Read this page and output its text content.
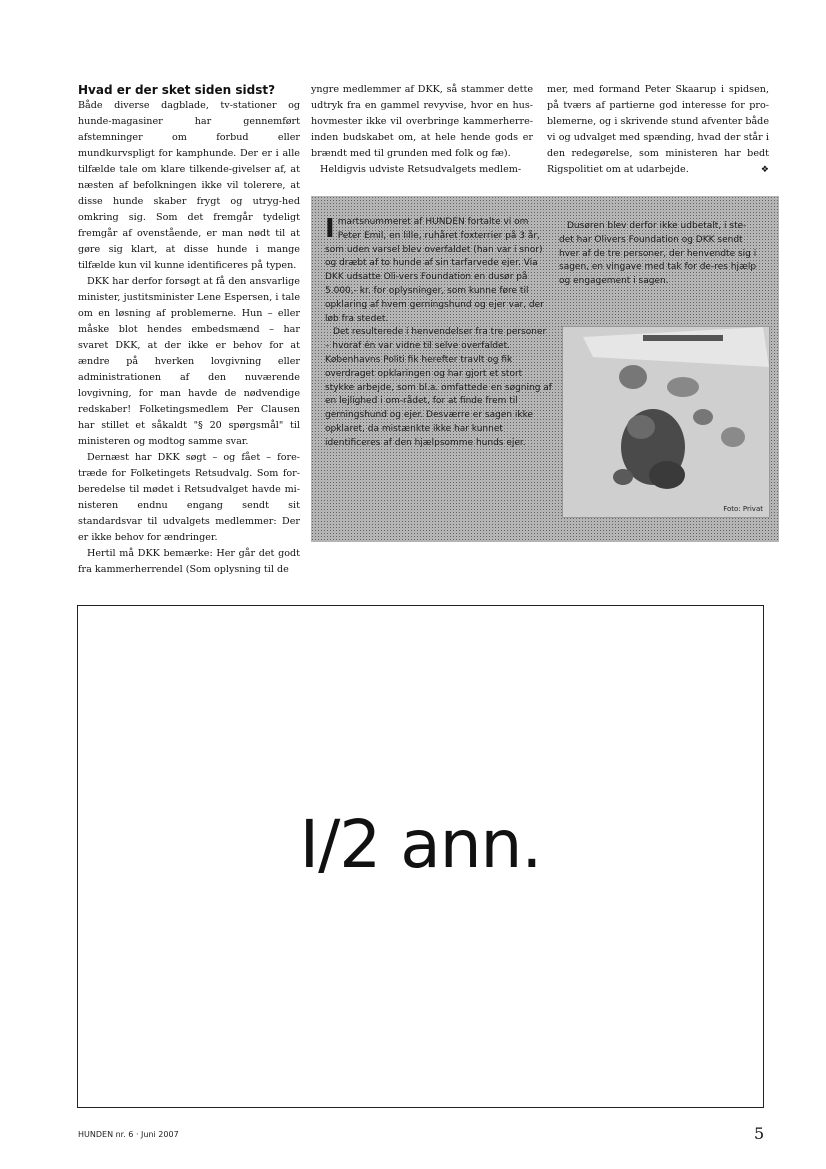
Hvad er der sket siden sidst?

Både diverse dagblade, tv-stationer og hunde-magasiner har gennemført afstemninger om forbud eller mundkurvspligt for kamphunde. Der er i alle tilfælde tale om klare tilkende-givelser af, at næsten af befolkningen ikke vil tolerere, at disse hunde skaber frygt og utryg-hed omkring sig. Som det fremgår tydeligt fremgår af ovenstående, er man nødt til at gøre sig klart, at disse hunde i mange tilfælde kun vil kunne identificeres på typen.

DKK har derfor forsøgt at få den ansvarlige minister, justitsminister Lene Espersen, i tale om en løsning af problemerne. Hun – eller måske blot hendes embedsmænd – har svaret DKK, at der ikke er behov for at ændre på hverken lovgivning eller administrationen af den nuværende lovgivning, for man havde de nødvendige redskaber! Folketingsmedlem Per Clausen har stillet et såkaldt "§ 20 spørgsmål" til ministeren og modtog samme svar.

Dernæst har DKK søgt – og fået – fore-træde for Folketingets Retsudvalg. Som for-beredelse til mødet i Retsudvalget havde mi-nisteren endnu engang sendt sit standardsvar til udvalgets medlemmer: Der er ikke behov for ændringer.

Hertil må DKK bemærke: Her går det godt fra kammerherrendel (Som oplysning til de

yngre medlemmer af DKK, så stammer dette udtryk fra en gammel revyvise, hvor en hus-hovmester ikke vil overbringe kammerherre-inden budskabet om, at hele hende gods er brændt med til grunden med folk og fæ).

Heldigvis udviste Retsudvalgets medlem-

mer, med formand Peter Skaarup i spidsen, på tværs af partierne god interesse for pro-blemerne, og i skrivende stund afventer både vi og udvalget med spænding, hvad der står i den redegørelse, som ministeren har bedt Rigspolitiet om at udarbejde.	❖

Imartsnummeret af HUNDEN fortalte vi om Peter Emil, en lille, ruhåret foxterrier på 3 år, som uden varsel blev overfaldet (han var i snor) og dræbt af to hunde af sin tarfarvede ejer. Via DKK udsatte Oli-vers Foundation en dusør på 5.000,- kr. for oplysninger, som kunne føre til opklaring af hvem gerningshund og ejer var, der løb fra stedet.

Det resulterede i henvendelser fra tre personer – hvoraf én var vidne til selve overfaldet. Københavns Politi fik herefter travlt og fik overdraget opklaringen og har gjort et stort stykke arbejde, som bl.a. omfattede en søgning af en lejlighed i om-rådet, for at finde frem til gerningshund og ejer. Desværre er sagen ikke opklaret, da mistænkte ikke har kunnet identificeres af den hjælpsomme hunds ejer.

Dusøren blev derfor ikke udbetalt, i ste-det har Olivers Foundation og DKK sendt hver af de tre personer, der henvendte sig i sagen, en vingave med tak for de-res hjælp og engagement i sagen.

Foto: Privat
I/2 ann.
HUNDEN nr. 6 · Juni 2007	5
